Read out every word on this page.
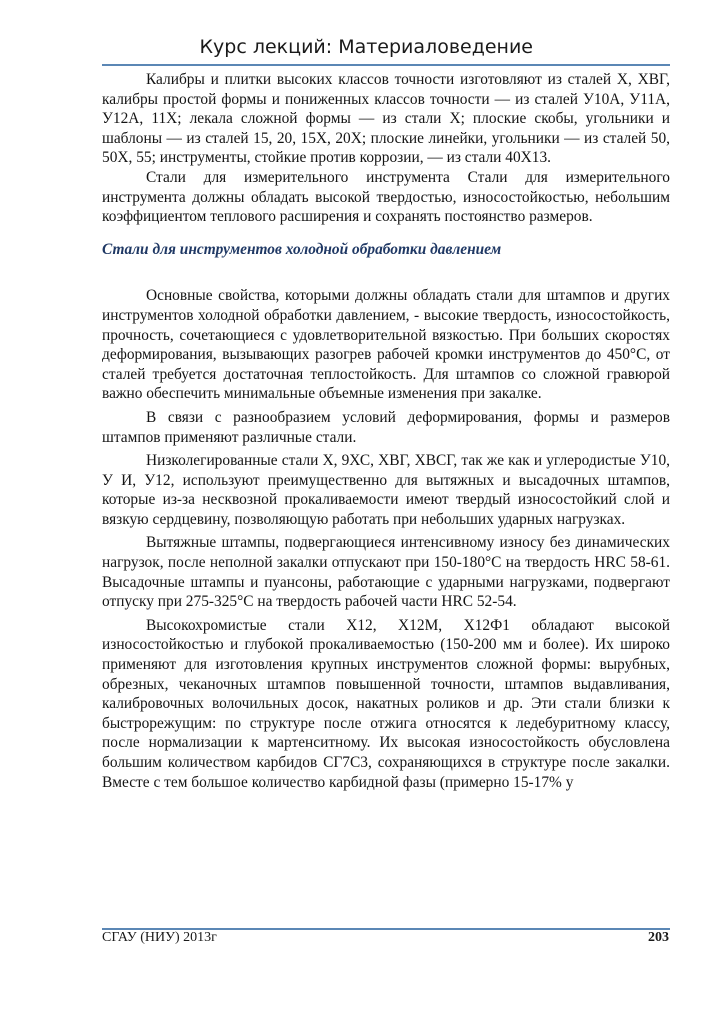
Курс лекций: Материаловедение

Калибры и плитки высоких классов точности изготовляют из сталей Х, ХВГ, калибры простой формы и пониженных классов точности — из сталей У10А, У11А, У12А, 11Х; лекала сложной формы — из стали Х; плоские скобы, угольники и шаблоны — из сталей 15, 20, 15Х, 20Х; плоские линейки, угольники — из сталей 50, 50Х, 55; инструменты, стойкие против коррозии, — из стали 40Х13.

Стали для измерительного инструмента Стали для измерительного инструмента должны обладать высокой твердостью, износостойкостью, небольшим коэффициентом теплового расширения и сохранять постоянство размеров.

Стали для инструментов холодной обработки давлением

Основные свойства, которыми должны обладать стали для штампов и других инструментов холодной обработки давлением, - высокие твердость, износостойкость, прочность, сочетающиеся с удовлетворительной вязкостью. При больших скоростях деформирования, вызывающих разогрев рабочей кромки инструментов до 450°С, от сталей требуется достаточная теплостойкость. Для штампов со сложной гравюрой важно обеспечить минимальные объемные изменения при закалке.

В связи с разнообразием условий деформирования, формы и размеров штампов применяют различные стали.

Низколегированные стали Х, 9ХС, ХВГ, ХВСГ, так же как и углеродистые У10, У И, У12, используют преимущественно для вытяжных и высадочных штампов, которые из-за несквозной прокаливаемости имеют твердый износостойкий слой и вязкую сердцевину, позволяющую работать при небольших ударных нагрузках.

Вытяжные штампы, подвергающиеся интенсивному износу без динамических нагрузок, после неполной закалки отпускают при 150-180°С на твердость HRC 58-61. Высадочные штампы и пуансоны, работающие с ударными нагрузками, подвергают отпуску при 275-325°С на твердость рабочей части HRC 52-54.

Высокохромистые стали Х12, Х12М, Х12Ф1 обладают высокой износостойкостью и глубокой прокаливаемостью (150-200 мм и более). Их широко применяют для изготовления крупных инструментов сложной формы: вырубных, обрезных, чеканочных штампов повышенной точности, штампов выдавливания, калибровочных волочильных досок, накатных роликов и др. Эти стали близки к быстрорежущим: по структуре после отжига относятся к ледебуритному классу, после нормализации к мартенситному. Их высокая износостойкость обусловлена большим количеством карбидов СГ7С3, сохраняющихся в структуре после закалки. Вместе с тем большое количество карбидной фазы (примерно 15-17% у

СГАУ (НИУ) 2013г	203
